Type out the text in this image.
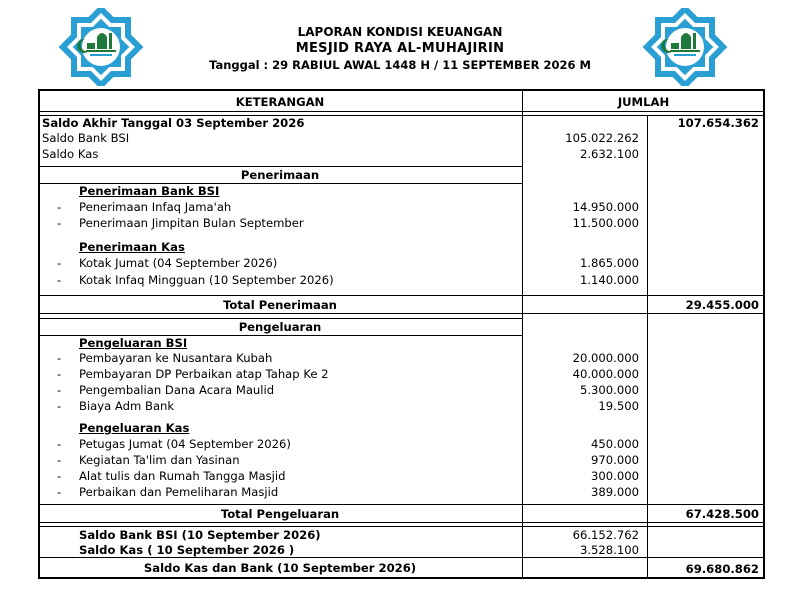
LAPORAN KONDISI KEUANGAN
MESJID RAYA AL-MUHAJIRIN
Tanggal : 29 RABIUL AWAL 1448 H / 11 SEPTEMBER 2026 M
KETERANGAN	JUMLAH
Saldo Akhir Tanggal 03 September 2026	107.654.362
Saldo Bank BSI	105.022.262
Saldo Kas	2.632.100
Penerimaan
Penerimaan Bank BSI
- Penerimaan Infaq Jama'ah	14.950.000
- Penerimaan Jimpitan Bulan September	11.500.000
Penerimaan Kas
- Kotak Jumat (04 September 2026)	1.865.000
- Kotak Infaq Mingguan (10 September 2026)	1.140.000
Total Penerimaan	29.455.000
Pengeluaran
Pengeluaran BSI
- Pembayaran ke Nusantara Kubah	20.000.000
- Pembayaran DP Perbaikan atap Tahap Ke 2	40.000.000
- Pengembalian Dana Acara Maulid	5.300.000
- Biaya Adm Bank	19.500
Pengeluaran Kas
- Petugas Jumat (04 September 2026)	450.000
- Kegiatan Ta'lim dan Yasinan	970.000
- Alat tulis dan Rumah Tangga Masjid	300.000
- Perbaikan dan Pemeliharan Masjid	389.000
Total Pengeluaran	67.428.500
Saldo Bank BSI (10 September 2026)	66.152.762
Saldo Kas ( 10 September 2026 )	3.528.100
Saldo Kas dan Bank (10 September 2026)	69.680.862
